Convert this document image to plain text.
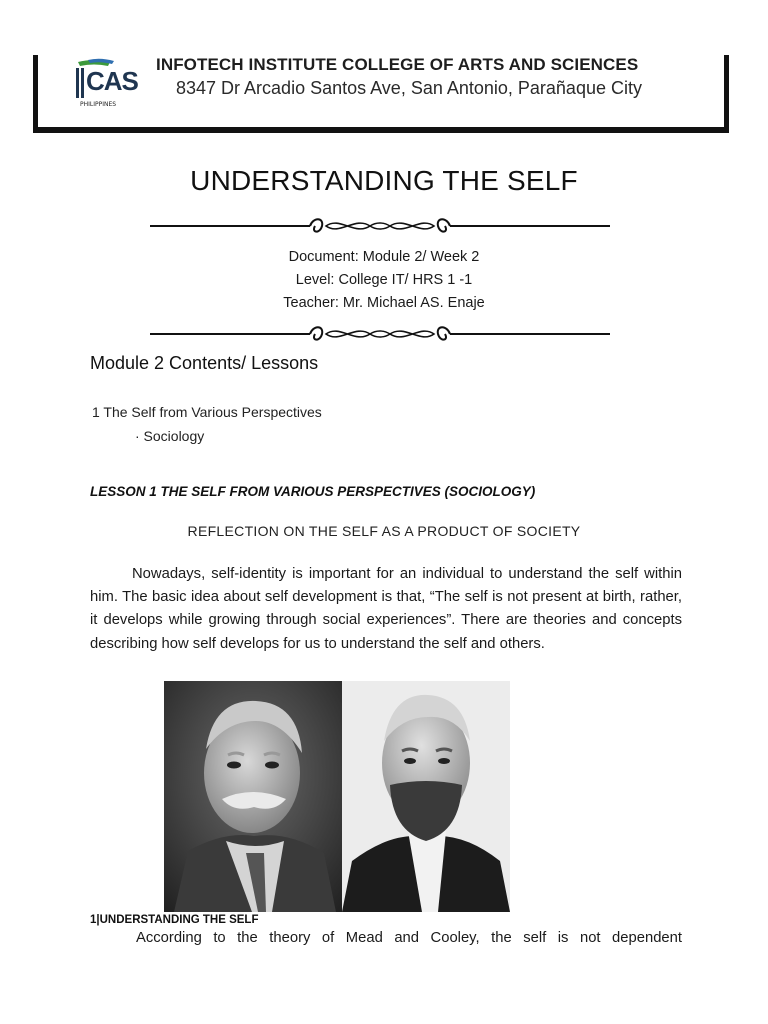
CAS
PHILIPPINES
INFOTECH INSTITUTE COLLEGE OF ARTS AND SCIENCES
8347 Dr Arcadio Santos Ave, San Antonio, Parañaque City
UNDERSTANDING THE SELF
Document: Module 2/ Week 2
Level: College IT/ HRS 1 -1
Teacher: Mr. Michael AS. Enaje
Module 2 Contents/ Lessons
1 The Self from Various Perspectives
· Sociology
LESSON 1 THE SELF FROM VARIOUS PERSPECTIVES (SOCIOLOGY)
REFLECTION ON THE SELF AS A PRODUCT OF SOCIETY
Nowadays, self-identity is important for an individual to understand the self within him. The basic idea about self development is that, “The self is not present at birth, rather, it develops while growing through social experiences”. There are theories and concepts describing how self develops for us to understand the self and others.
1|UNDERSTANDING THE SELF
According to the theory of Mead and Cooley, the self is not dependent
